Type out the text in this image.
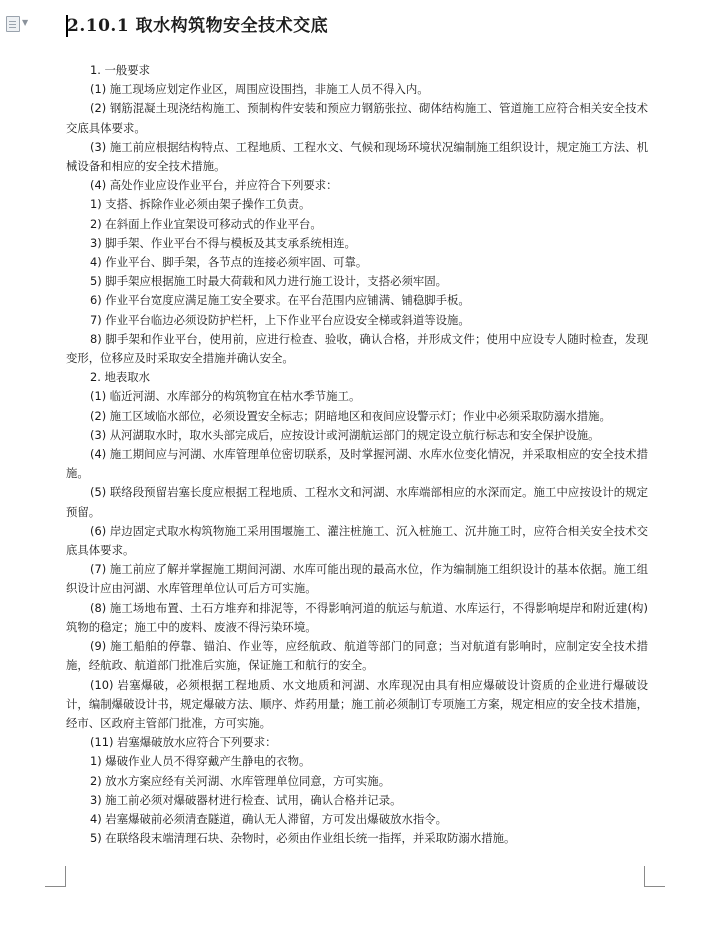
▼ 2.10.1 取水构筑物安全技术交底

1. 一般要求

(1) 施工现场应划定作业区，周围应设围挡，非施工人员不得入内。

(2) 钢筋混凝土现浇结构施工、预制构件安装和预应力钢筋张拉、砌体结构施工、管道施工应符合相关安全技术交底具体要求。

(3) 施工前应根据结构特点、工程地质、工程水文、气候和现场环境状况编制施工组织设计，规定施工方法、机械设备和相应的安全技术措施。

(4) 高处作业应设作业平台，并应符合下列要求：

1) 支搭、拆除作业必须由架子操作工负责。

2) 在斜面上作业宜架设可移动式的作业平台。

3) 脚手架、作业平台不得与模板及其支承系统相连。

4) 作业平台、脚手架，各节点的连接必须牢固、可靠。

5) 脚手架应根据施工时最大荷载和风力进行施工设计，支搭必须牢固。

6) 作业平台宽度应满足施工安全要求。在平台范围内应铺满、铺稳脚手板。

7) 作业平台临边必须设防护栏杆，上下作业平台应设安全梯或斜道等设施。

8) 脚手架和作业平台，使用前，应进行检查、验收，确认合格，并形成文件；使用中应设专人随时检查，发现变形，位移应及时采取安全措施并确认安全。

2. 地表取水

(1) 临近河湖、水库部分的构筑物宜在枯水季节施工。

(2) 施工区域临水部位，必须设置安全标志；阴暗地区和夜间应设警示灯；作业中必须采取防溺水措施。

(3) 从河湖取水时，取水头部完成后，应按设计或河湖航运部门的规定设立航行标志和安全保护设施。

(4) 施工期间应与河湖、水库管理单位密切联系，及时掌握河湖、水库水位变化情况，并采取相应的安全技术措施。

(5) 联络段预留岩塞长度应根据工程地质、工程水文和河湖、水库端部相应的水深而定。施工中应按设计的规定预留。

(6) 岸边固定式取水构筑物施工采用围堰施工、灌注桩施工、沉入桩施工、沉井施工时，应符合相关安全技术交底具体要求。

(7) 施工前应了解并掌握施工期间河湖、水库可能出现的最高水位，作为编制施工组织设计的基本依据。施工组织设计应由河湖、水库管理单位认可后方可实施。

(8) 施工场地布置、土石方堆弃和排泥等，不得影响河道的航运与航道、水库运行，不得影响堤岸和附近建(构)筑物的稳定；施工中的废料、废液不得污染环境。

(9) 施工船舶的停靠、锚泊、作业等，应经航政、航道等部门的同意；当对航道有影响时，应制定安全技术措施，经航政、航道部门批准后实施，保证施工和航行的安全。

(10) 岩塞爆破，必须根据工程地质、水文地质和河湖、水库现况由具有相应爆破设计资质的企业进行爆破设计，编制爆破设计书，规定爆破方法、顺序、炸药用量；施工前必须制订专项施工方案，规定相应的安全技术措施，经市、区政府主管部门批准，方可实施。

(11) 岩塞爆破放水应符合下列要求：

1) 爆破作业人员不得穿戴产生静电的衣物。

2) 放水方案应经有关河湖、水库管理单位同意，方可实施。

3) 施工前必须对爆破器材进行检查、试用，确认合格并记录。

4) 岩塞爆破前必须清查隧道，确认无人滞留，方可发出爆破放水指令。

5) 在联络段末端清理石块、杂物时，必须由作业组长统一指挥，并采取防溺水措施。
